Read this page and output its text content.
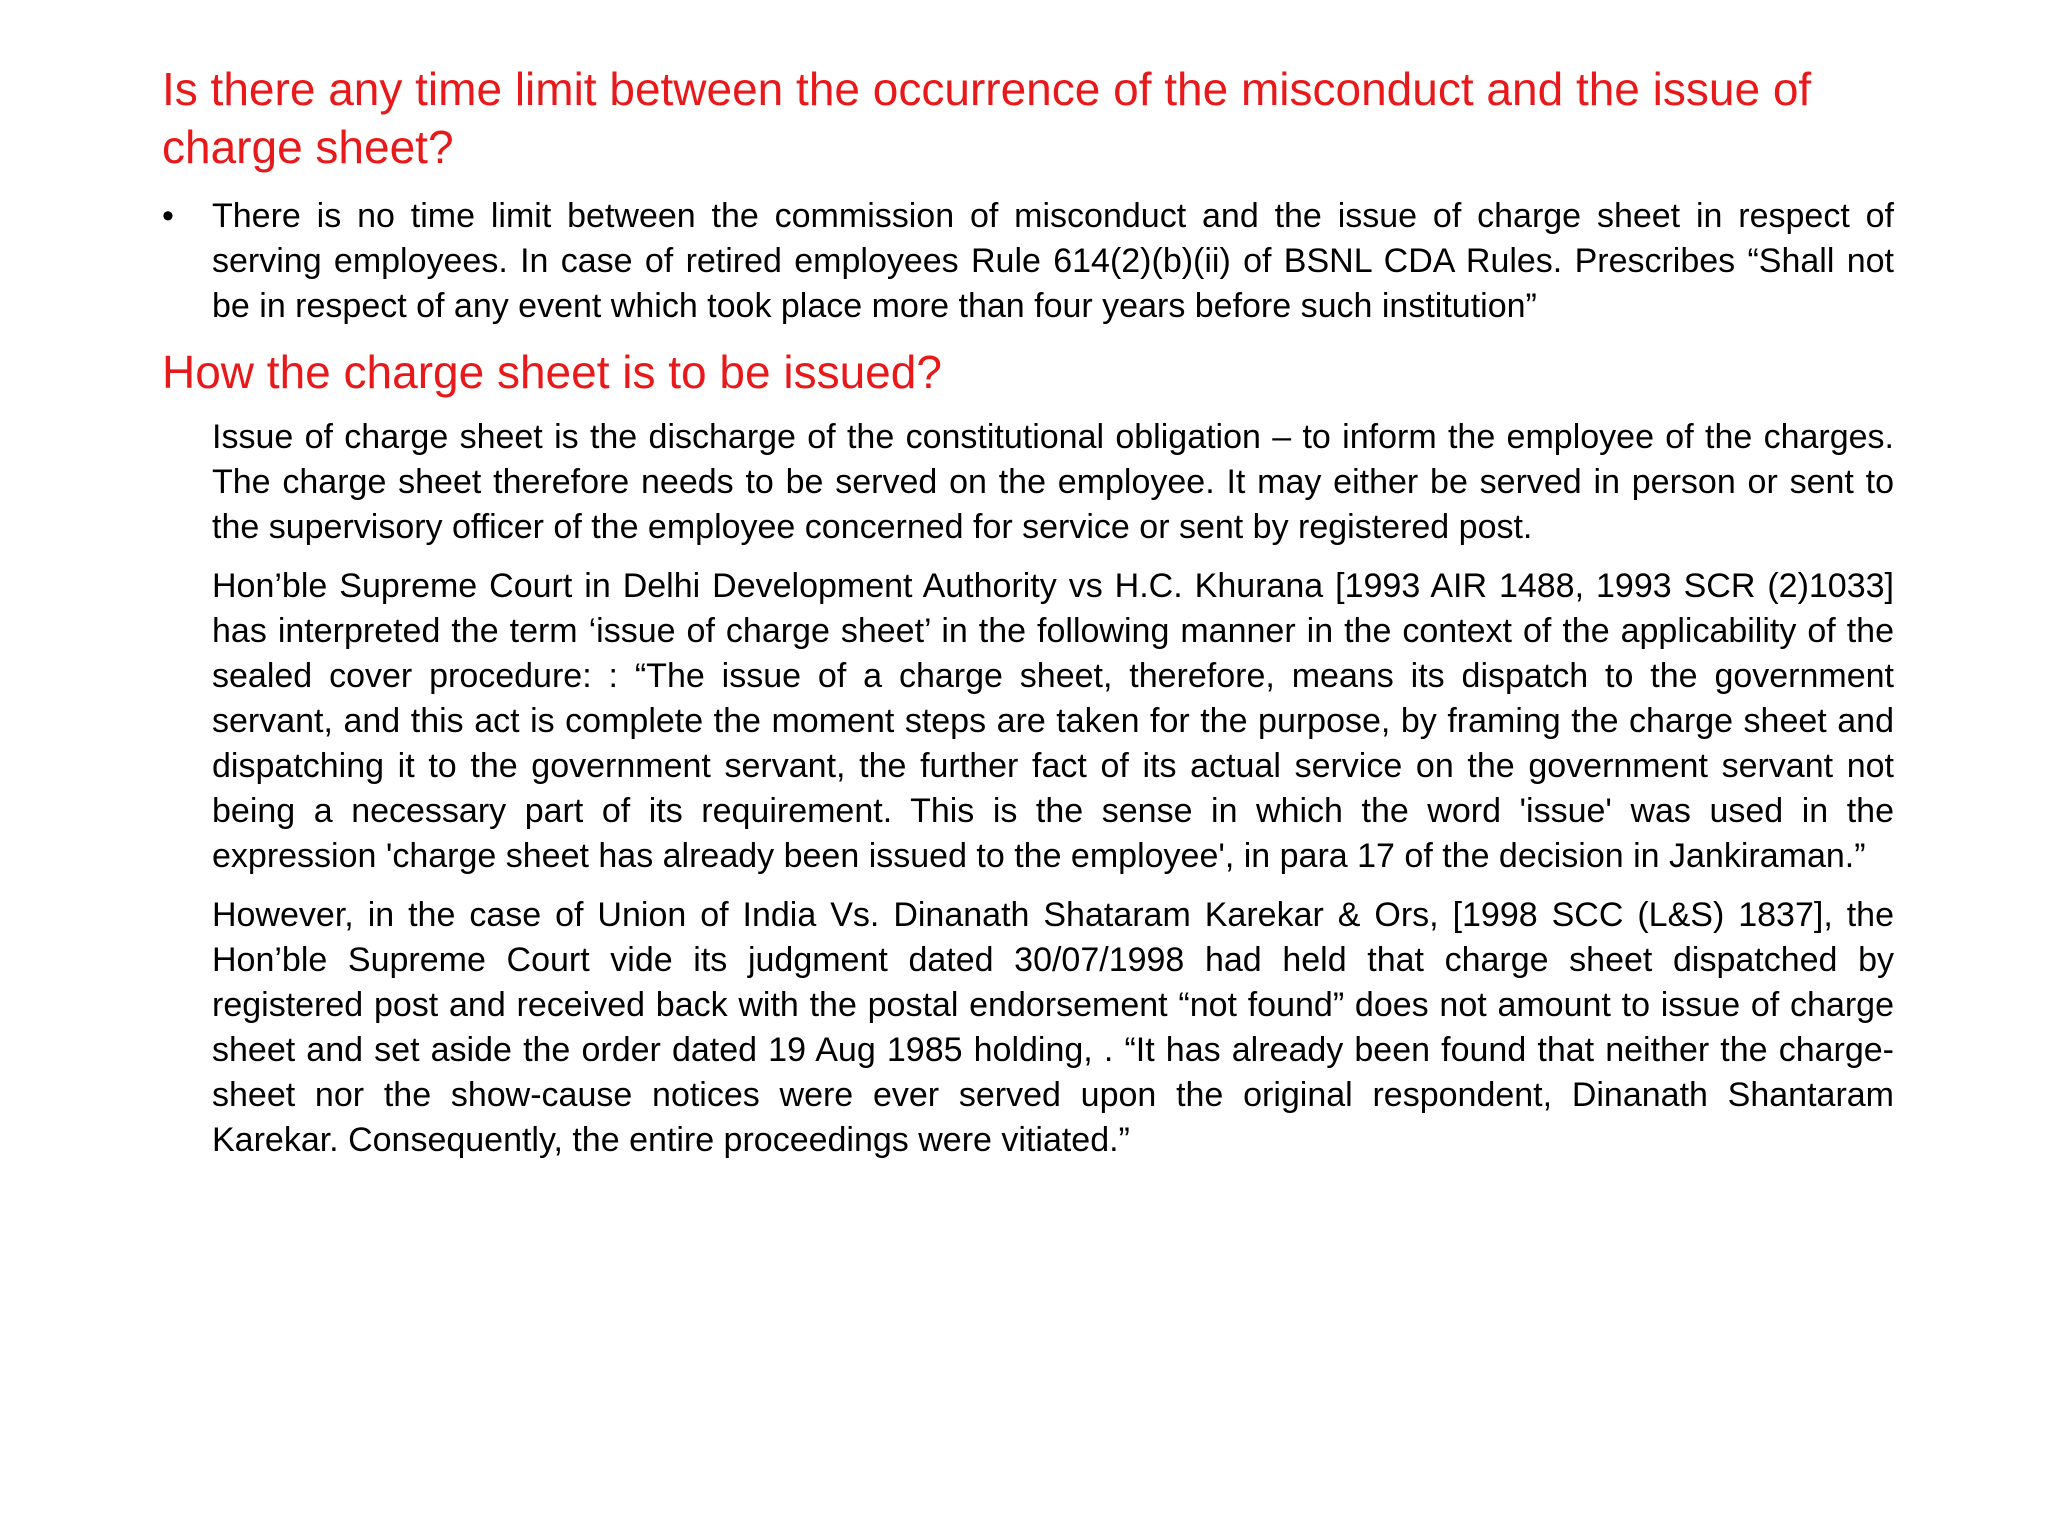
Is there any time limit between the occurrence of the misconduct and the issue of charge sheet?
• There is no time limit between the commission of misconduct and the issue of charge sheet in respect of serving employees. In case of retired employees Rule 614(2)(b)(ii) of BSNL CDA Rules. Prescribes “Shall not be in respect of any event which took place more than four years before such institution”

How the charge sheet is to be issued?

Issue of charge sheet is the discharge of the constitutional obligation – to inform the employee of the charges. The charge sheet therefore needs to be served on the employee. It may either be served in person or sent to the supervisory officer of the employee concerned for service or sent by registered post.

Hon’ble Supreme Court in Delhi Development Authority vs H.C. Khurana [1993 AIR 1488, 1993 SCR (2)1033] has interpreted the term ‘issue of charge sheet’ in the following manner in the context of the applicability of the sealed cover procedure: : “The issue of a charge sheet, therefore, means its dispatch to the government servant, and this act is complete the moment steps are taken for the purpose, by framing the charge sheet and dispatching it to the government servant, the further fact of its actual service on the government servant not being a necessary part of its requirement. This is the sense in which the word 'issue' was used in the expression 'charge sheet has already been issued to the employee', in para 17 of the decision in Jankiraman.”

However, in the case of Union of India Vs. Dinanath Shataram Karekar & Ors, [1998 SCC (L&S) 1837], the Hon’ble Supreme Court vide its judgment dated 30/07/1998 had held that charge sheet dispatched by registered post and received back with the postal endorsement “not found” does not amount to issue of charge sheet and set aside the order dated 19 Aug 1985 holding, . “It has already been found that neither the charge-sheet nor the show-cause notices were ever served upon the original respondent, Dinanath Shantaram Karekar. Consequently, the entire proceedings were vitiated.”
